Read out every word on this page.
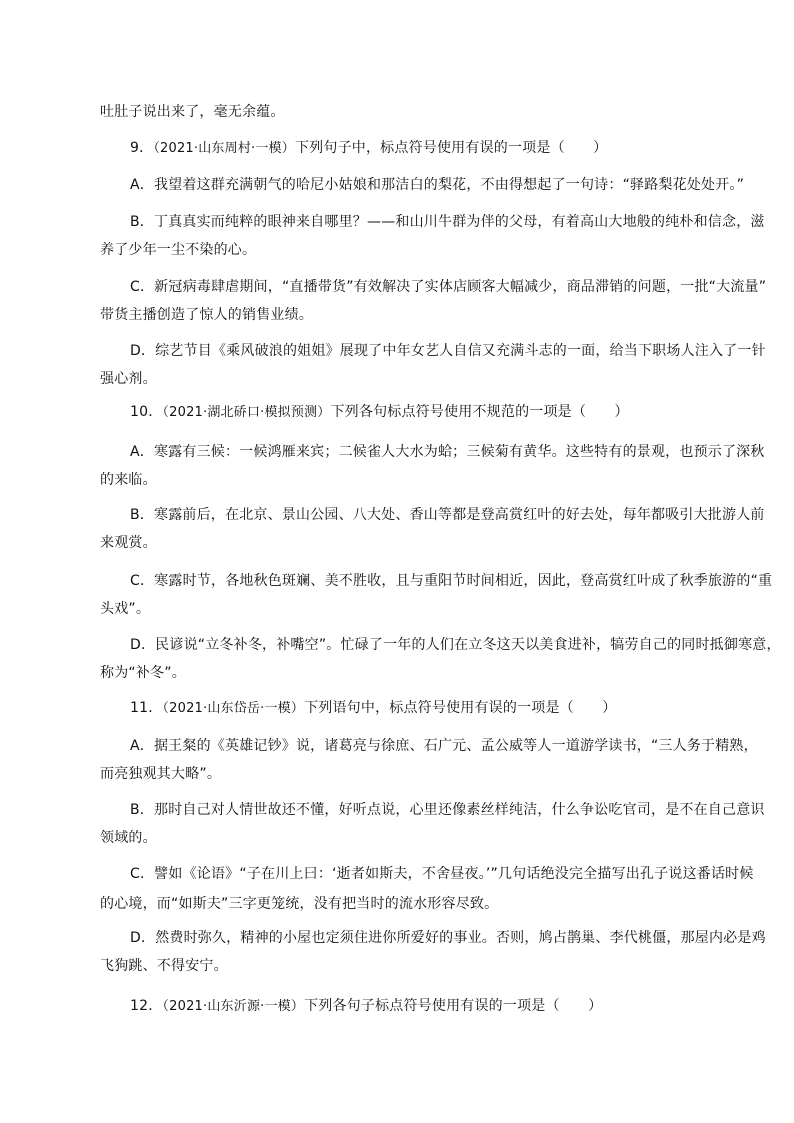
吐肚子说出来了，毫无余蕴。
9．（2021·山东周村·一模）下列句子中，标点符号使用有误的一项是（　　）
A．我望着这群充满朝气的哈尼小姑娘和那洁白的梨花，不由得想起了一句诗：“驿路梨花处处开。”
B．丁真真实而纯粹的眼神来自哪里？——和山川牛群为伴的父母，有着高山大地般的纯朴和信念，滋
养了少年一尘不染的心。
C．新冠病毒肆虐期间，“直播带货”有效解决了实体店顾客大幅减少，商品滞销的问题，一批“大流量”
带货主播创造了惊人的销售业绩。
D．综艺节目《乘风破浪的姐姐》展现了中年女艺人自信又充满斗志的一面，给当下职场人注入了一针
强心剂。
10．（2021·湖北硚口·模拟预测）下列各句标点符号使用不规范的一项是（　　）
A．寒露有三候：一候鸿雁来宾；二候雀人大水为蛤；三候菊有黄华。这些特有的景观，也预示了深秋
的来临。
B．寒露前后，在北京、景山公园、八大处、香山等都是登高赏红叶的好去处，每年都吸引大批游人前
来观赏。
C．寒露时节，各地秋色斑斓、美不胜收，且与重阳节时间相近，因此，登高赏红叶成了秋季旅游的“重
头戏”。
D．民谚说“立冬补冬，补嘴空”。忙碌了一年的人们在立冬这天以美食进补，犒劳自己的同时抵御寒意，
称为“补冬”。
11．（2021·山东岱岳·一模）下列语句中，标点符号使用有误的一项是（　　）
A．据王粲的《英雄记钞》说，诸葛亮与徐庶、石广元、孟公威等人一道游学读书，“三人务于精熟，
而亮独观其大略”。
B．那时自己对人情世故还不懂，好听点说，心里还像素丝样纯洁，什么争讼吃官司，是不在自己意识
领域的。
C．譬如《论语》“子在川上曰：‘逝者如斯夫，不舍昼夜。’”几句话绝没完全描写出孔子说这番话时候
的心境，而“如斯夫”三字更笼统，没有把当时的流水形容尽致。
D．然费时弥久，精神的小屋也定须住进你所爱好的事业。否则，鸠占鹊巢、李代桃僵，那屋内必是鸡
飞狗跳、不得安宁。
12．（2021·山东沂源·一模）下列各句子标点符号使用有误的一项是（　　）
